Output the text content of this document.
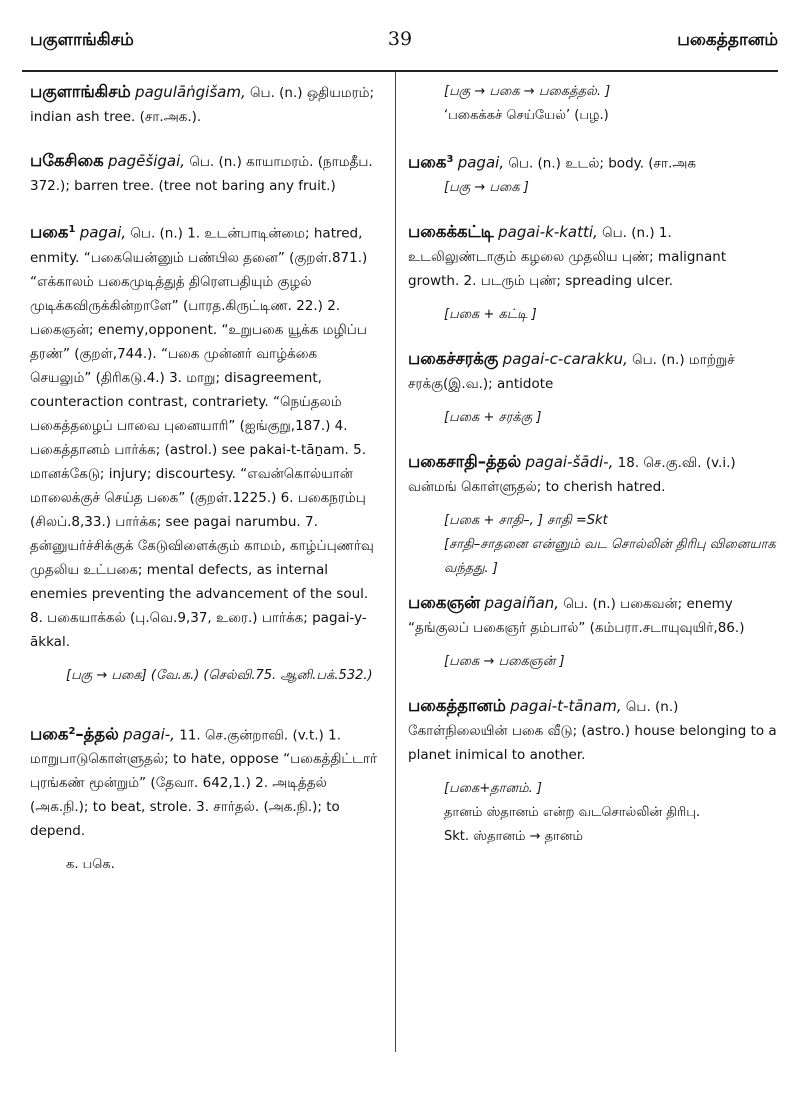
பகுளாங்கிசம்	39	பகைத்தானம்
பகுளாங்கிசம் pagulāṅgišam, பெ. (n.) ஒதியமரம்; indian ash tree. (சா.அக.).
பகேசிகை pagēšigai, பெ. (n.) காயாமரம். (நாமதீப. 372.); barren tree. (tree not baring any fruit.)
பகை$^1$ pagai, பெ. (n.) 1. உடன்பாடின்மை; hatred, enmity. “பகையென்னும் பண்பில தனை” (குறள்.871.) “எக்காலம் பகைமுடித்துத் திரௌபதியும் குழல் முடிக்கவிருக்கின்றாளே” (பாரத.கிருட்டிண. 22.) 2. பகைஞன்; enemy,opponent. “உறுபகை யூக்க மழிப்ப தரண்” (குறள்,744.). “பகை முன்னர் வாழ்க்கை செயலும்” (திரிகடு.4.) 3. மாறு; disagreement, counteraction contrast, contrariety. “நெய்தலம் பகைத்தழைப் பாவை புனையாரி” (ஐங்குறு,187.) 4. பகைத்தானம் பார்க்க; (astrol.) see pakai-t-tāṉam. 5. மானக்கேடு; injury; discourtesy. “எவன்கொல்யான் மாலைக்குச் செய்த பகை” (குறள்.1225.) 6. பகைநரம்பு (சிலப்.8,33.) பார்க்க; see pagai narumbu. 7. தன்னுயர்ச்சிக்குக் கேடுவிளைக்கும் காமம், காழ்ப்புணர்வு முதலிய உட்பகை; mental defects, as internal enemies preventing the advancement of the soul. 8. பகையாக்கல் (பு.வெ.9,37, உரை.) பார்க்க; pagai-y-ākkal.
[பகு → பகை] (வே.க.) (செல்வி.75. ஆனி.பக்.532.)
பகை$^2$–த்தல் pagai-, 11. செ.குன்றாவி. (v.t.) 1. மாறுபாடுகொள்ளுதல்; to hate, oppose “பகைத்திட்டார் புரங்கண் மூன்றும்” (தேவா. 642,1.) 2. அடித்தல் (அக.நி.); to beat, strole. 3. சார்தல். (அக.நி.); to depend.
க. பகெ.
[பகு → பகை → பகைத்தல். ]
‘பகைக்கச் செய்யேல்’ (பழ.)
பகை$^3$ pagai, பெ. (n.) உடல்; body. (சா.அக
[பகு → பகை ]
பகைக்கட்டி pagai-k-katti, பெ. (n.) 1. உடலிலுண்டாகும் கழலை முதலிய புண்; malignant growth. 2. படரும் புண்; spreading ulcer.
[பகை + கட்டி ]
பகைச்சரக்கு pagai-c-carakku, பெ. (n.) மாற்றுச் சரக்கு(இ.வ.); antidote
[பகை + சரக்கு ]
பகைசாதி–த்தல் pagai-šādi-, 18. செ.கு.வி. (v.i.) வன்மங் கொள்ளுதல்; to cherish hatred.
[பகை + சாதி–, ] சாதி =Skt
[சாதி–சாதனை என்னும் வட சொல்லின் திரிபு வினையாக வந்தது. ]
பகைஞன் pagaiñan, பெ. (n.) பகைவன்; enemy “தங்குலப் பகைஞர் தம்பால்” (கம்பரா.சடாயுவுயிர்,86.)
[பகை → பகைஞன் ]
பகைத்தானம் pagai-t-tānam, பெ. (n.) கோள்நிலையின் பகை வீடு; (astro.) house belonging to a planet inimical to another.
[பகை+தானம். ]
தானம் ஸ்தானம் என்ற வடசொல்லின் திரிபு.
Skt. ஸ்தானம் → தானம்
